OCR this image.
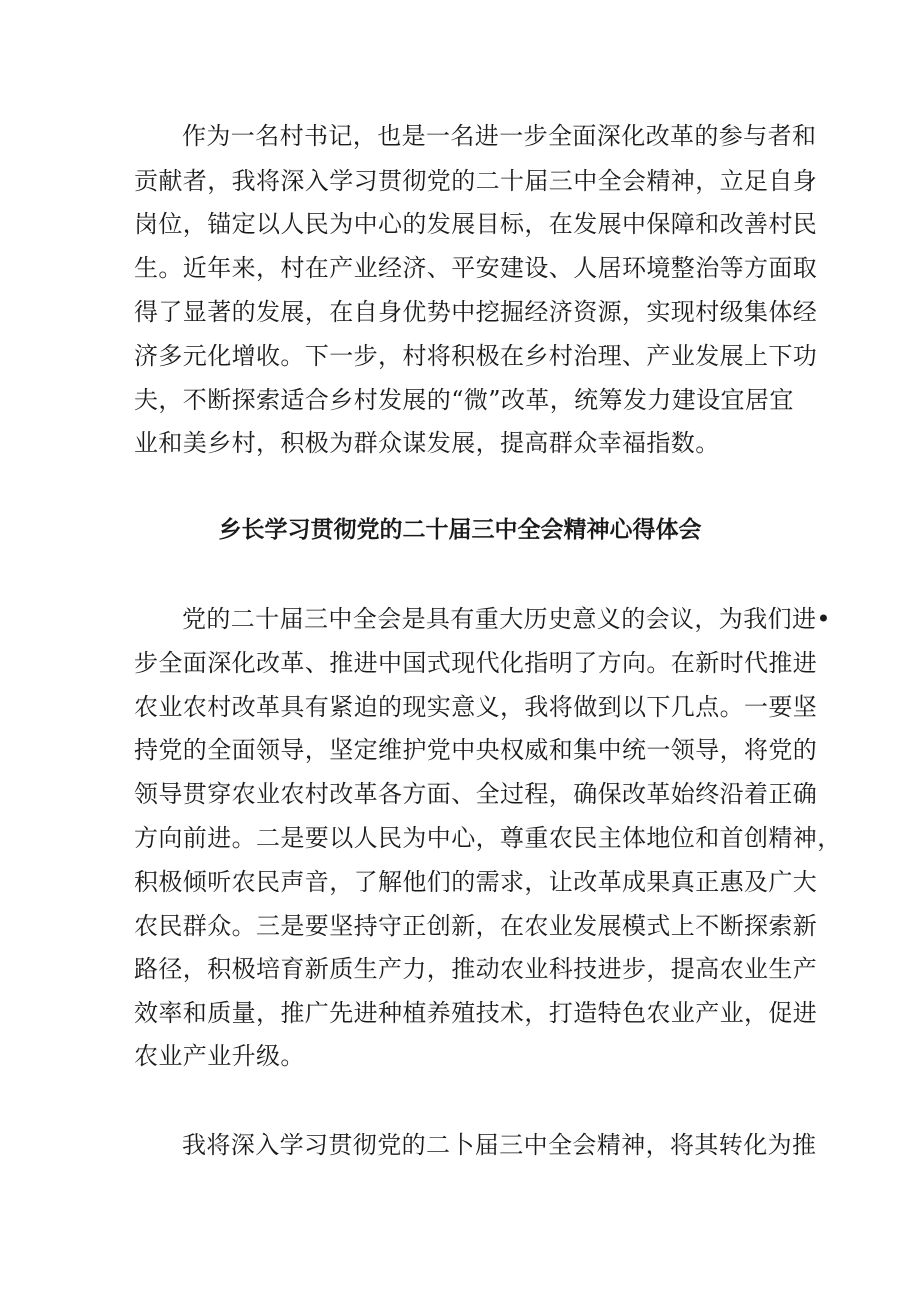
作为一名村书记，也是一名进一步全面深化改革的参与者和
贡献者，我将深入学习贯彻党的二十届三中全会精神，立足自身
岗位，锚定以人民为中心的发展目标，在发展中保障和改善村民
生。近年来，村在产业经济、平安建设、人居环境整治等方面取
得了显著的发展，在自身优势中挖掘经济资源，实现村级集体经
济多元化增收。下一步，村将积极在乡村治理、产业发展上下功
夫，不断探索适合乡村发展的“微”改革，统筹发力建设宜居宜
业和美乡村，积极为群众谋发展，提高群众幸福指数。
乡长学习贯彻党的二十届三中全会精神心得体会
党的二十届三中全会是具有重大历史意义的会议，为我们进•
步全面深化改革、推进中国式现代化指明了方向。在新时代推进
农业农村改革具有紧迫的现实意义，我将做到以下几点。一要坚
持党的全面领导，坚定维护党中央权威和集中统一领导，将党的
领导贯穿农业农村改革各方面、全过程，确保改革始终沿着正确
方向前进。二是要以人民为中心，尊重农民主体地位和首创精神，
积极倾听农民声音，了解他们的需求，让改革成果真正惠及广大
农民群众。三是要坚持守正创新，在农业发展模式上不断探索新
路径，积极培育新质生产力，推动农业科技进步，提高农业生产
效率和质量，推广先进种植养殖技术，打造特色农业产业，促进
农业产业升级。
我将深入学习贯彻党的二卜届三中全会精神，将其转化为推
